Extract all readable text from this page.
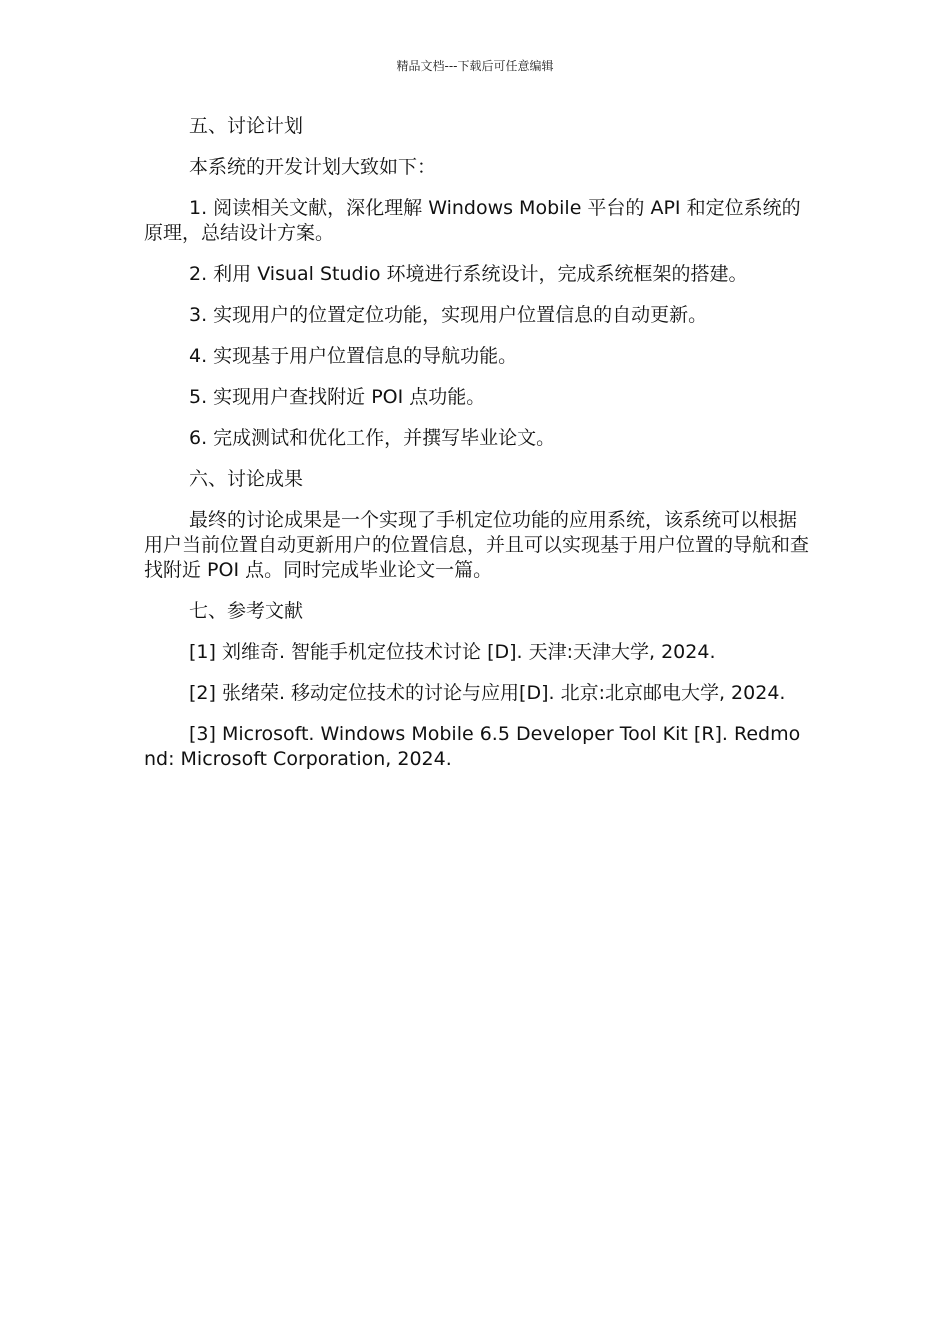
精品文档---下载后可任意编辑

五、讨论计划

本系统的开发计划大致如下：

1. 阅读相关文献，深化理解 Windows Mobile 平台的 API 和定位系统的原理，总结设计方案。

2. 利用 Visual Studio 环境进行系统设计，完成系统框架的搭建。

3. 实现用户的位置定位功能，实现用户位置信息的自动更新。

4. 实现基于用户位置信息的导航功能。

5. 实现用户查找附近 POI 点功能。

6. 完成测试和优化工作，并撰写毕业论文。

六、讨论成果

最终的讨论成果是一个实现了手机定位功能的应用系统，该系统可以根据用户当前位置自动更新用户的位置信息，并且可以实现基于用户位置的导航和查找附近 POI 点。同时完成毕业论文一篇。

七、参考文献

[1] 刘维奇. 智能手机定位技术讨论 [D]. 天津:天津大学, 2024.

[2] 张绪荣. 移动定位技术的讨论与应用[D]. 北京:北京邮电大学, 2024.

[3] Microsoft. Windows Mobile 6.5 Developer Tool Kit [R]. Redmond: Microsoft Corporation, 2024.
